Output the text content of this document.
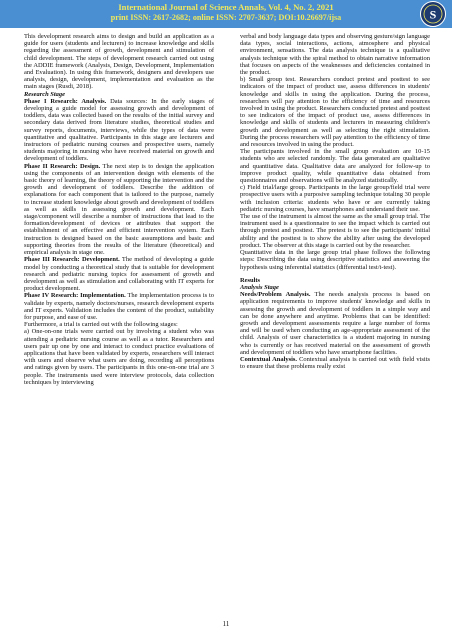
International Journal of Science Annals, Vol. 4, No. 2, 2021
print ISSN: 2617-2682; online ISSN: 2707-3637; DOI:10.26697/ijsa	S

This development research aims to design and build an application as a guide for users (students and lecturers) to increase knowledge and skills regarding the assessment of growth, development and stimulation of child development. The steps of development research carried out using the ADDIE framework (Analysis, Design, Development, Implementation and Evaluation). In using this framework, designers and developers use analysis, design, development, implementation and evaluation as the main stages (Rusdi, 2018).

Research Stage

Phase I Research: Analysis. Data sources: In the early stages of developing a guide model for assessing growth and development of toddlers, data was collected based on the results of the initial survey and secondary data derived from literature studies, theoretical studies and survey reports, documents, interviews, while the types of data were quantitative and qualitative. Participants in this stage are lecturers and instructors of pediatric nursing courses and prospective users, namely students majoring in nursing who have received material on growth and development of toddlers.

Phase II Research: Design. The next step is to design the application using the components of an intervention design with elements of the basic theory of learning, the theory of supporting the intervention and the growth and development of toddlers. Describe the addition of explanations for each component that is tailored to the purpose, namely to increase student knowledge about growth and development of toddlers as well as skills in assessing growth and development. Each stage/component will describe a number of instructions that lead to the formation/development of devices or attributes that support the establishment of an effective and efficient intervention system. Each instruction is designed based on the basic assumptions and basic and supporting theories from the results of the literature (theoretical) and empirical analysis in stage one.

Phase III Research: Development. The method of developing a guide model by conducting a theoretical study that is suitable for development research and pediatric nursing topics for assessment of growth and development as well as stimulation and collaborating with IT experts for product development.

Phase IV Research: Implementation. The implementation process is to validate by experts, namely doctors/nurses, research development experts and IT experts. Validation includes the content of the product, suitability for purpose, and ease of use.

Furthermore, a trial is carried out with the following stages:

a) One-on-one trials were carried out by involving a student who was attending a pediatric nursing course as well as a tutor. Researchers and users pair up one by one and interact to conduct practice evaluations of applications that have been validated by experts, researchers will interact with users and observe what users are doing, recording all perceptions and ratings given by users. The participants in this one-on-one trial are 3 people. The instruments used were interview protocols, data collection techniques by interviewing

verbal and body language data types and observing gesture/sign language data types, social interactions, actions, atmosphere and physical environment, sensations. The data analysis technique is a qualitative analysis technique with the spiral method to obtain narrative information that focuses on aspects of the weaknesses and deficiencies contained in the product.

b) Small group test. Researchers conduct pretest and posttest to see indicators of the impact of product use, assess differences in students' knowledge and skills in using the application. During the process, researchers will pay attention to the efficiency of time and resources involved in using the product. Researchers conducted pretest and posttest to see indicators of the impact of product use, assess differences in knowledge and skills of students and lecturers in measuring children's growth and development as well as selecting the right stimulation. During the process researchers will pay attention to the efficiency of time and resources involved in using the product.

The participants involved in the small group evaluation are 10-15 students who are selected randomly. The data generated are qualitative and quantitative data. Qualitative data are analyzed for follow-up to improve product quality, while quantitative data obtained from questionnaires and observations will be analyzed statistically.

c) Field trial/large group. Participants in the large group/field trial were prospective users with a purposive sampling technique totaling 30 people with inclusion criteria: students who have or are currently taking pediatric nursing courses, have smartphones and understand their use.

The use of the instrument is almost the same as the small group trial. The instrument used is a questionnaire to see the impact which is carried out through pretest and posttest. The pretest is to see the participants' initial ability and the posttest is to show the ability after using the developed product. The observer at this stage is carried out by the researcher.

Quantitative data in the large group trial phase follows the following steps: Describing the data using descriptive statistics and answering the hypothesis using inferential statistics (differential test/t-test).

Results

Analysis Stage

Needs/Problem Analysis. The needs analysis process is based on application requirements to improve students' knowledge and skills in assessing the growth and development of toddlers in a simple way and can be done anywhere and anytime. Problems that can be identified: growth and development assessments require a large number of forms and will be used when conducting an age-appropriate assessment of the child. Analysis of user characteristics is a student majoring in nursing who is currently or has received material on the assessment of growth and development of toddlers who have smartphone facilities.

Contextual Analysis. Contextual analysis is carried out with field visits to ensure that these problems really exist

11
